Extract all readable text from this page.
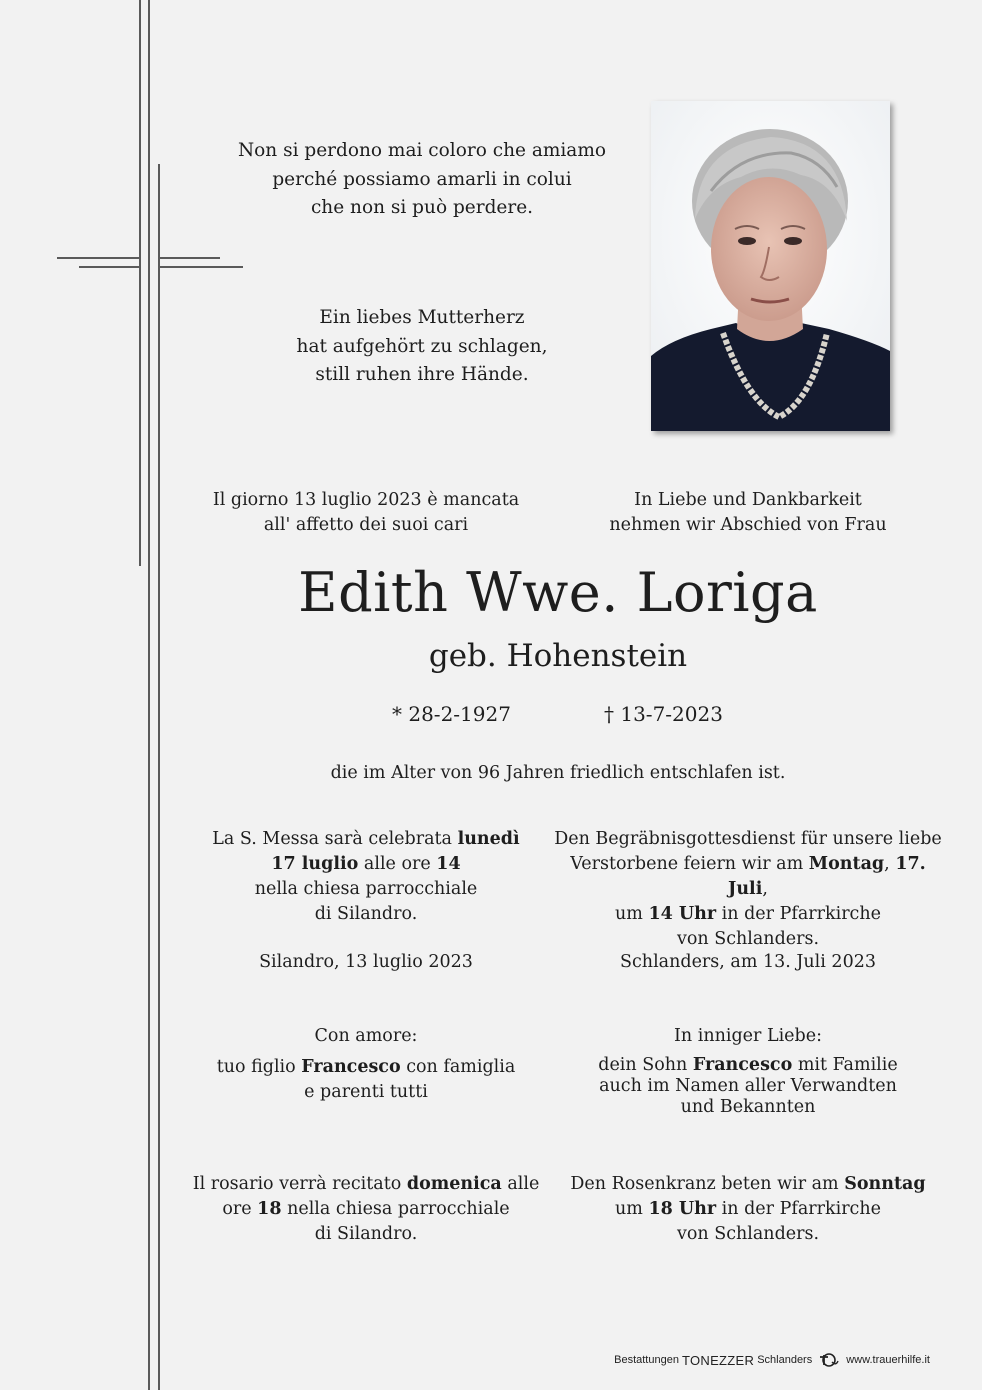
Non si perdono mai coloro che amiamo
perché possiamo amarli in colui
che non si può perdere.
Ein liebes Mutterherz
hat aufgehört zu schlagen,
still ruhen ihre Hände.
Il giorno 13 luglio 2023 è mancata
all' affetto dei suoi cari
In Liebe und Dankbarkeit
nehmen wir Abschied von Frau
Edith Wwe. Loriga
geb. Hohenstein
* 28-2-1927	† 13-7-2023
die im Alter von 96 Jahren friedlich entschlafen ist.
La S. Messa sarà celebrata lunedì
17 luglio alle ore 14
nella chiesa parrocchiale
di Silandro.
Den Begräbnisgottesdienst für unsere liebe
Verstorbene feiern wir am Montag, 17. Juli,
um 14 Uhr in der Pfarrkirche
von Schlanders.
Silandro, 13 luglio 2023	Schlanders, am 13. Juli 2023
Con amore:
tuo figlio Francesco con famiglia
e parenti tutti
In inniger Liebe:
dein Sohn Francesco mit Familie
auch im Namen aller Verwandten
und Bekannten
Il rosario verrà recitato domenica alle
ore 18 nella chiesa parrocchiale
di Silandro.
Den Rosenkranz beten wir am Sonntag
um 18 Uhr in der Pfarrkirche
von Schlanders.
Bestattungen TONEZZER Schlanders	www.trauerhilfe.it
